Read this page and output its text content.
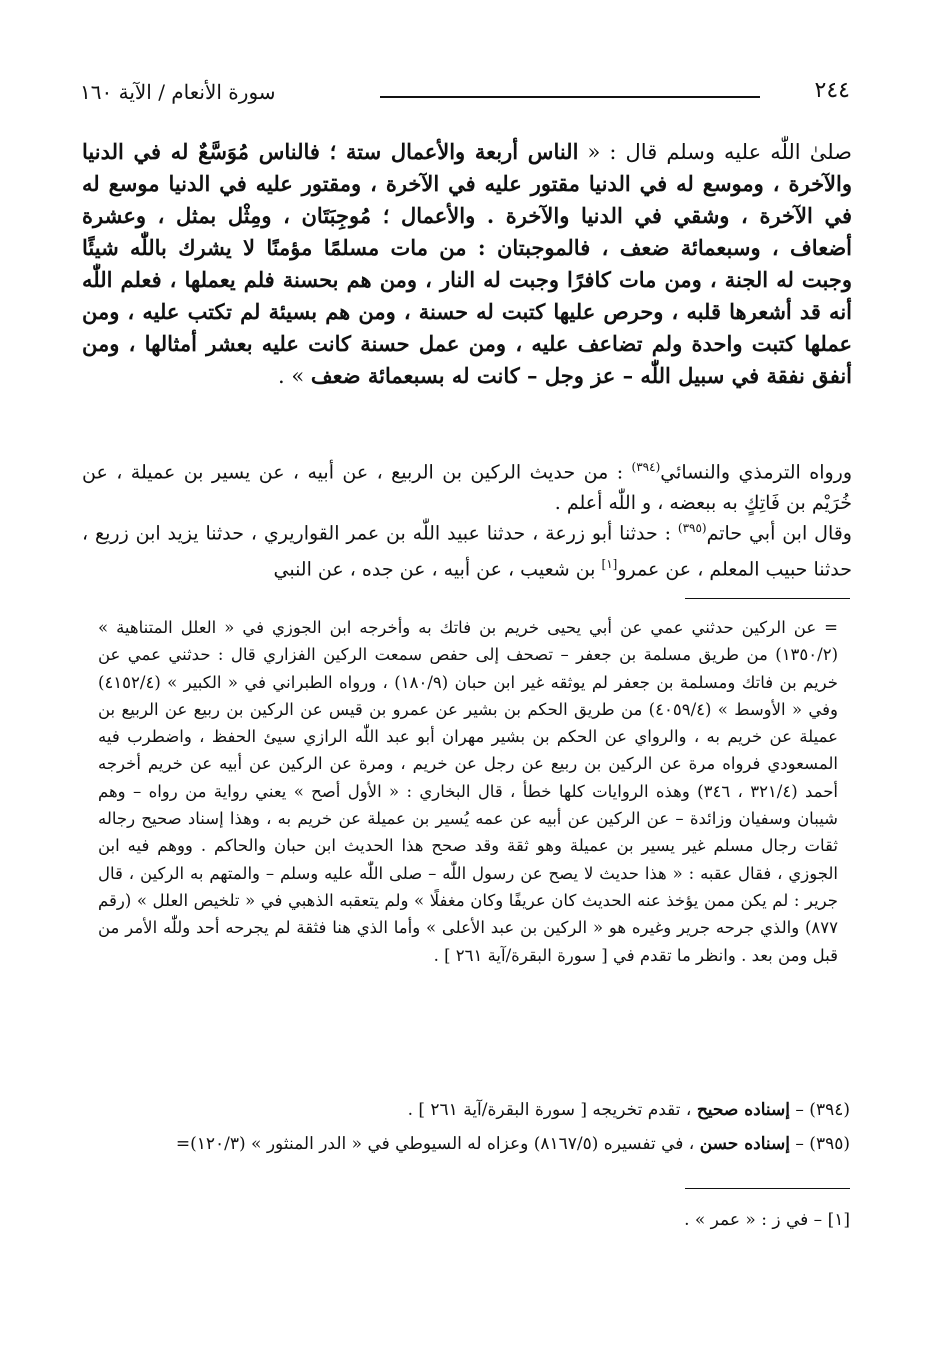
٢٤٤
سورة الأنعام / الآية ١٦٠
صلىٰ اللّٰه عليه وسلم قال : « الناس أربعة والأعمال ستة ؛ فالناس مُوَسَّعٌ له في الدنيا والآخرة ، وموسع له في الدنيا مقتور عليه في الآخرة ، ومقتور عليه في الدنيا موسع له في الآخرة ، وشقي في الدنيا والآخرة . والأعمال ؛ مُوجِبَتَان ، ومِثْل بمثل ، وعشرة أضعاف ، وسبعمائة ضعف ، فالموجبتان : من مات مسلمًا مؤمنًا لا يشرك باللّٰه شيئًا وجبت له الجنة ، ومن مات كافرًا وجبت له النار ، ومن هم بحسنة فلم يعملها ، فعلم اللّٰه أنه قد أشعرها قلبه ، وحرص عليها كتبت له حسنة ، ومن هم بسيئة لم تكتب عليه ، ومن عملها كتبت واحدة ولم تضاعف عليه ، ومن عمل حسنة كانت عليه بعشر أمثالها ، ومن أنفق نفقة في سبيل اللّٰه – عز وجل – كانت له بسبعمائة ضعف » .
ورواه الترمذي والنسائي$^{(٣٩٤)}$ : من حديث الركين بن الربيع ، عن أبيه ، عن يسير بن عميلة ، عن خُرَيْم بن فَاتِكٍ به ببعضه ، و اللّٰه أعلم .
وقال ابن أبي حاتم$^{(٣٩٥)}$ : حدثنا أبو زرعة ، حدثنا عبيد اللّٰه بن عمر القواريري ، حدثنا يزيد ابن زريع ، حدثنا حبيب المعلم ، عن عمرو[١] بن شعيب ، عن أبيه ، عن جده ، عن النبي
= عن الركين حدثني عمي عن أبي يحيى خريم بن فاتك به وأخرجه ابن الجوزي في « العلل المتناهية » (١٣٥٠/٢) من طريق مسلمة بن جعفر – تصحف إلى حفص سمعت الركين الفزاري قال : حدثني عمي عن خريم بن فاتك ومسلمة بن جعفر لم يوثقه غير ابن حبان (١٨٠/٩) ، ورواه الطبراني في « الكبير » (٤١٥٢/٤) وفي « الأوسط » (٤٠٥٩/٤) من طريق الحكم بن بشير عن عمرو بن قيس عن الركين بن ربيع عن الربيع بن عميلة عن خريم به ، والرواي عن الحكم بن بشير مهران أبو عبد اللّٰه الرازي سيئ الحفظ ، واضطرب فيه المسعودي فرواه مرة عن الركين بن ربيع عن رجل عن خريم ، ومرة عن الركين عن أبيه عن خريم أخرجه أحمد (٣٢١/٤ ، ٣٤٦) وهذه الروايات كلها خطأ ، قال البخاري : « الأول أصح » يعني رواية من رواه – وهم شيبان وسفيان وزائدة – عن الركين عن أبيه عن عمه يُسير بن عميلة عن خريم به ، وهذا إسناد صحيح رجاله ثقات رجال مسلم غير يسير بن عميلة وهو ثقة وقد صحح هذا الحديث ابن حبان والحاكم . ووهم فيه ابن الجوزي ، فقال عقبه : « هذا حديث لا يصح عن رسول اللّٰه – صلى اللّٰه عليه وسلم – والمتهم به الركين ، قال جرير : لم يكن ممن يؤخذ عنه الحديث كان عريفًا وكان مغفلًا » ولم يتعقبه الذهبي في « تلخيص العلل » (رقم ٨٧٧) والذي جرحه جرير وغيره هو « الركين بن عبد الأعلى » وأما الذي هنا فثقة لم يجرحه أحد وللّٰه الأمر من قبل ومن بعد . وانظر ما تقدم في [ سورة البقرة/آية ٢٦١ ] .
(٣٩٤) – إسناده صحيح ، تقدم تخريجه [ سورة البقرة/آية ٢٦١ ] .
(٣٩٥) – إسناده حسن ، في تفسيره (٨١٦٧/٥) وعزاه له السيوطي في « الدر المنثور » (١٢٠/٣)=
[١] – في ز : « عمر » .
